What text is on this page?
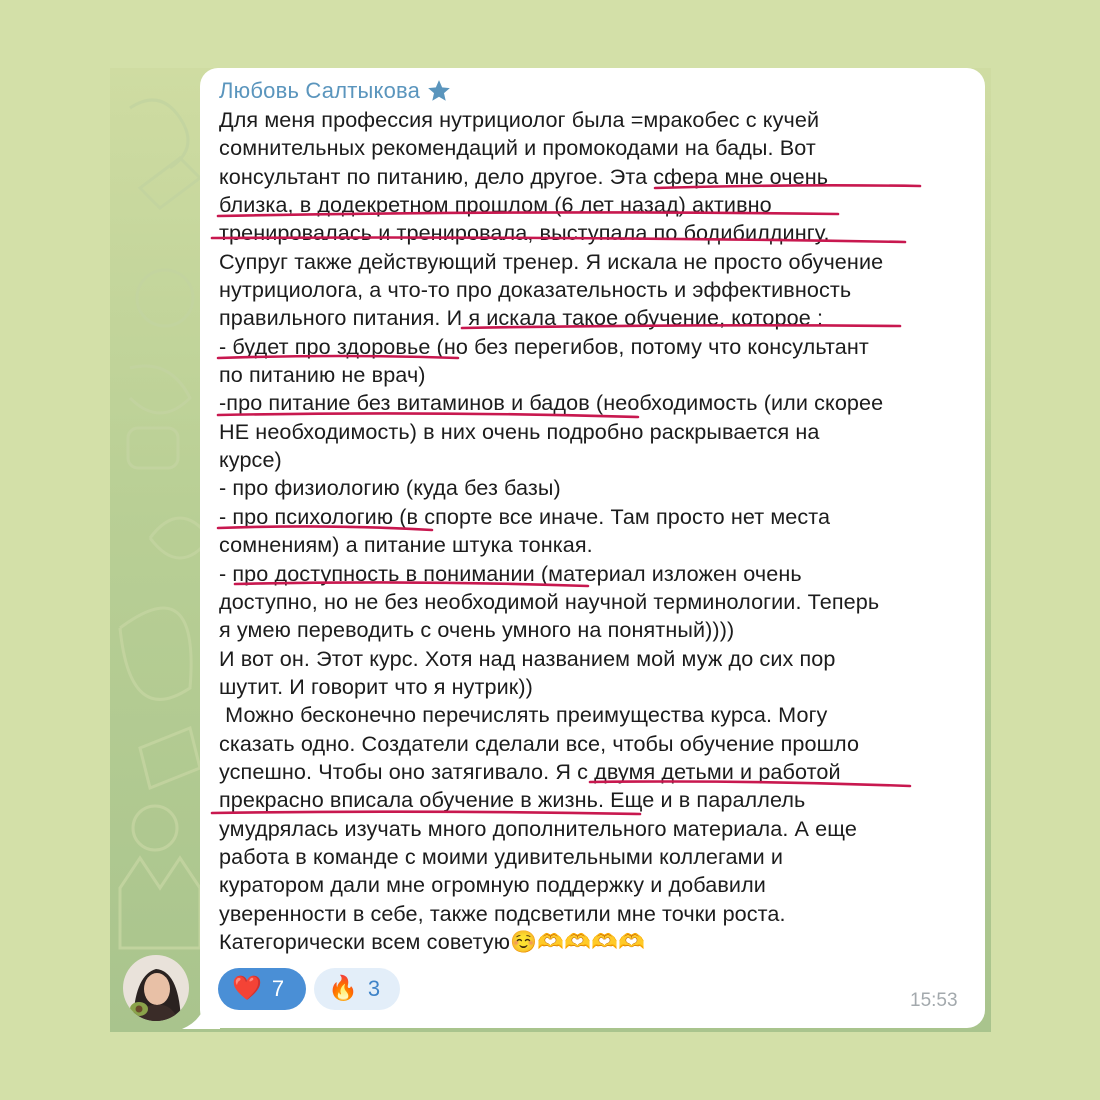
Любовь Салтыкова
Для меня профессия нутрициолог была =мракобес с кучей
сомнительных рекомендаций и промокодами на бады. Вот
консультант по питанию, дело другое. Эта сфера мне очень
близка, в додекретном прошлом (6 лет назад) активно
тренировалась и тренировала, выступала по бодибилдингу.
Супруг также действующий тренер. Я искала не просто обучение
нутрициолога, а что-то про доказательность и эффективность
правильного питания. И я искала такое обучение, которое :
- будет про здоровье (но без перегибов, потому что консультант
по питанию не врач)
-про питание без витаминов и бадов (необходимость (или скорее
НЕ необходимость) в них очень подробно раскрывается на
курсе)
- про физиологию (куда без базы)
- про психологию (в спорте все иначе. Там просто нет места
сомнениям) а питание штука тонкая.
- про доступность в понимании (материал изложен очень
доступно, но не без необходимой научной терминологии. Теперь
я умею переводить с очень умного на понятный))))
И вот он. Этот курс. Хотя над названием мой муж до сих пор
шутит. И говорит что я нутрик))
Можно бесконечно перечислять преимущества курса. Могу
сказать одно. Создатели сделали все, чтобы обучение прошло
успешно. Чтобы оно затягивало. Я с двумя детьми и работой
прекрасно вписала обучение в жизнь. Еще и в параллель
умудрялась изучать много дополнительного материала. А еще
работа в команде с моими удивительными коллегами и
куратором дали мне огромную поддержку и добавили
уверенности в себе, также подсветили мне точки роста.
Категорически всем советую☺️🫶🫶🫶🫶
❤️ 7 🔥 3	15:53
